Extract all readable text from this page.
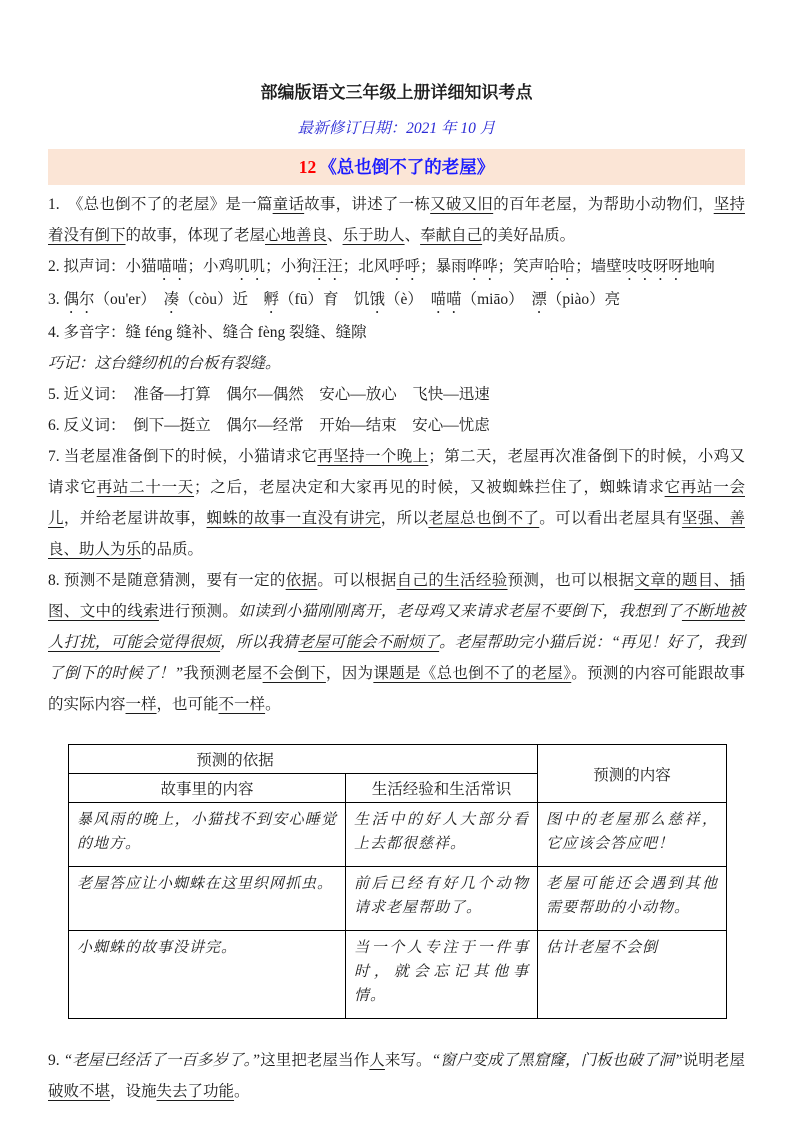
部编版语文三年级上册详细知识考点
最新修订日期：2021 年 10 月
12 《总也倒不了的老屋》

1.　《总也倒不了的老屋》是一篇童话故事，讲述了一栋又破又旧的百年老屋，为帮助小动物们，坚持着没有倒下的故事，体现了老屋心地善良、乐于助人、奉献自己的美好品质。

2. 拟声词：小猫喵喵；小鸡叽叽；小狗汪汪；北风呼呼；暴雨哗哗；笑声哈哈；墙壁吱吱呀呀地响

3. 偶尔（ou'er）　凑（còu）近　孵（fū）育　饥饿（è）　喵喵（miāo）　漂（piào）亮

4. 多音字：缝 féng 缝补、缝合 fèng 裂缝、缝隙

巧记：这台缝纫机的台板有裂缝。

5. 近义词：　准备—打算　偶尔—偶然　安心—放心　飞快—迅速

6. 反义词：　倒下—挺立　偶尔—经常　开始—结束　安心—忧虑

7. 当老屋准备倒下的时候，小猫请求它再坚持一个晚上；第二天，老屋再次准备倒下的时候，小鸡又请求它再站二十一天；之后，老屋决定和大家再见的时候，又被蜘蛛拦住了，蜘蛛请求它再站一会儿，并给老屋讲故事，蜘蛛的故事一直没有讲完，所以老屋总也倒不了。可以看出老屋具有坚强、善良、助人为乐的品质。

8. 预测不是随意猜测，要有一定的依据。可以根据自己的生活经验预测，也可以根据文章的题目、插图、文中的线索进行预测。如读到小猫刚刚离开，老母鸡又来请求老屋不要倒下，我想到了不断地被人打扰，可能会觉得很烦，所以我猜老屋可能会不耐烦了。老屋帮助完小猫后说：“再见！好了，我到了倒下的时候了！”我预测老屋不会倒下，因为课题是《总也倒不了的老屋》。预测的内容可能跟故事的实际内容一样，也可能不一样。

预测的依据		预测的内容
故事里的内容	生活经验和生活常识	
暴风雨的晚上，小猫找不到安心睡觉的地方。	生活中的好人大部分看上去都很慈祥。	图中的老屋那么慈祥，它应该会答应吧！
老屋答应让小蜘蛛在这里织网抓虫。	前后已经有好几个动物请求老屋帮助了。	老屋可能还会遇到其他需要帮助的小动物。
小蜘蛛的故事没讲完。	当一个人专注于一件事时，就会忘记其他事情。	估计老屋不会倒

9. “老屋已经活了一百多岁了。”这里把老屋当作人来写。“窗户变成了黑窟窿，门板也破了洞”说明老屋破败不堪，设施失去了功能。
